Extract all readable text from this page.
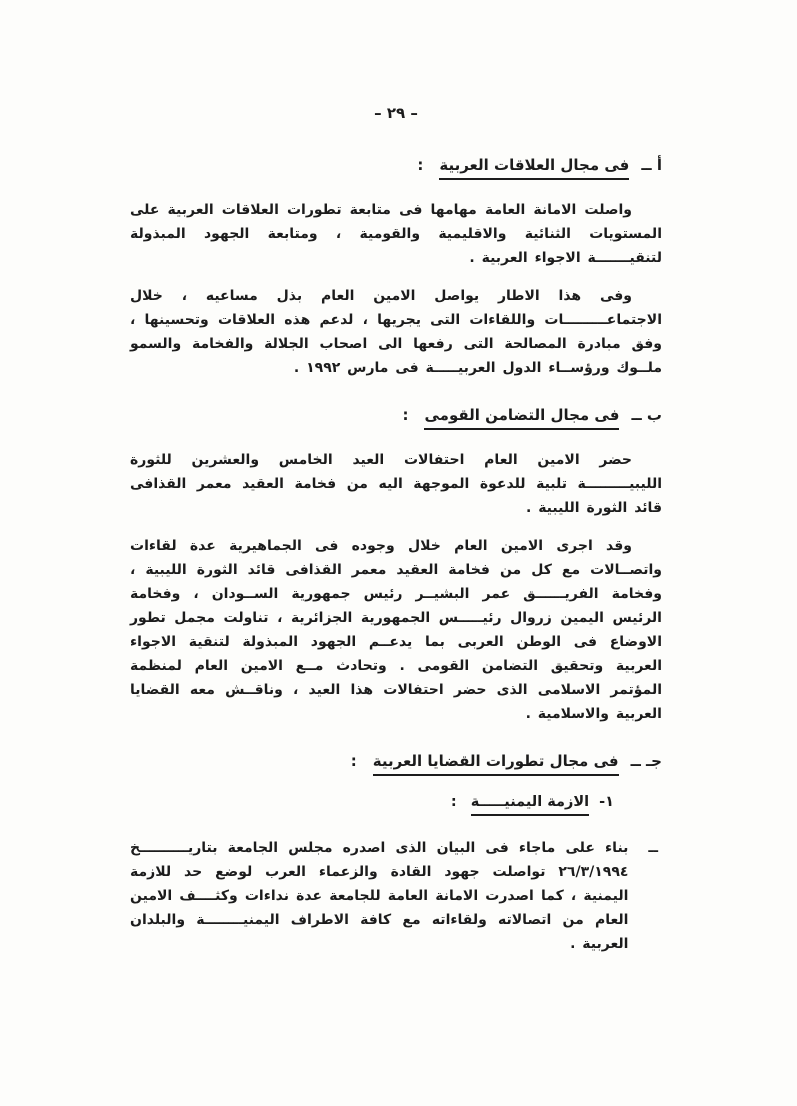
– ٢٩ –
أ ــ
فى مجال العلاقات العربية
:

واصلت الامانة العامة مهامها فى متابعة تطورات العلاقات العربية على المستويات الثنائية والاقليمية والقومية ، ومتابعة الجهود المبذولة لتنقيـــــــة الاجواء العربية .

وفى هذا الاطار يواصل الامين العام بذل مساعيه ، خلال الاجتماعـــــــــات واللقاءات التى يجريها ، لدعم هذه العلاقات وتحسينها ، وفق مبادرة المصالحة التى رفعها الى اصحاب الجلالة والفخامة والسمو ملــوك ورؤســاء الدول العربيـــــة فى مارس ١٩٩٢ .

ب ــ
فى مجال التضامن القومى
:

حضر الامين العام احتفالات العيد الخامس والعشرين للثورة الليبيـــــــــة تلبية للدعوة الموجهة اليه من فخامة العقيد معمر القذافى قائد الثورة الليبية .

وقد اجرى الامين العام خلال وجوده فى الجماهيرية عدة لقاءات واتصــالات مع كل من فخامة العقيد معمر القذافى قائد الثورة الليبية ، وفخامة الفريــــــق عمر البشيــر رئيس جمهورية الســودان ، وفخامة الرئيس اليمين زروال رئيـــــس الجمهورية الجزائرية ، تناولت مجمل تطور الاوضاع فى الوطن العربى بما يدعــم الجهود المبذولة لتنقية الاجواء العربية وتحقيق التضامن القومى . وتحادث مــع الامين العام لمنظمة المؤتمر الاسلامى الذى حضر احتفالات هذا العيد ، وناقــش معه القضايا العربية والاسلامية .

جـ ــ
فى مجال تطورات القضايا العربية
:
١-
الازمة اليمنيـــــة
:
ــ

بناء على ماجاء فى البيان الذى اصدره مجلس الجامعة بتاريــــــــــخ ٢٦/٣/١٩٩٤ تواصلت جهود القادة والزعماء العرب لوضع حد للازمة اليمنية ، كما اصدرت الامانة العامة للجامعة عدة نداءات وكثــــف الامين العام من اتصالاته ولقاءاته مع كافة الاطراف اليمنيــــــــة والبلدان العربية .
